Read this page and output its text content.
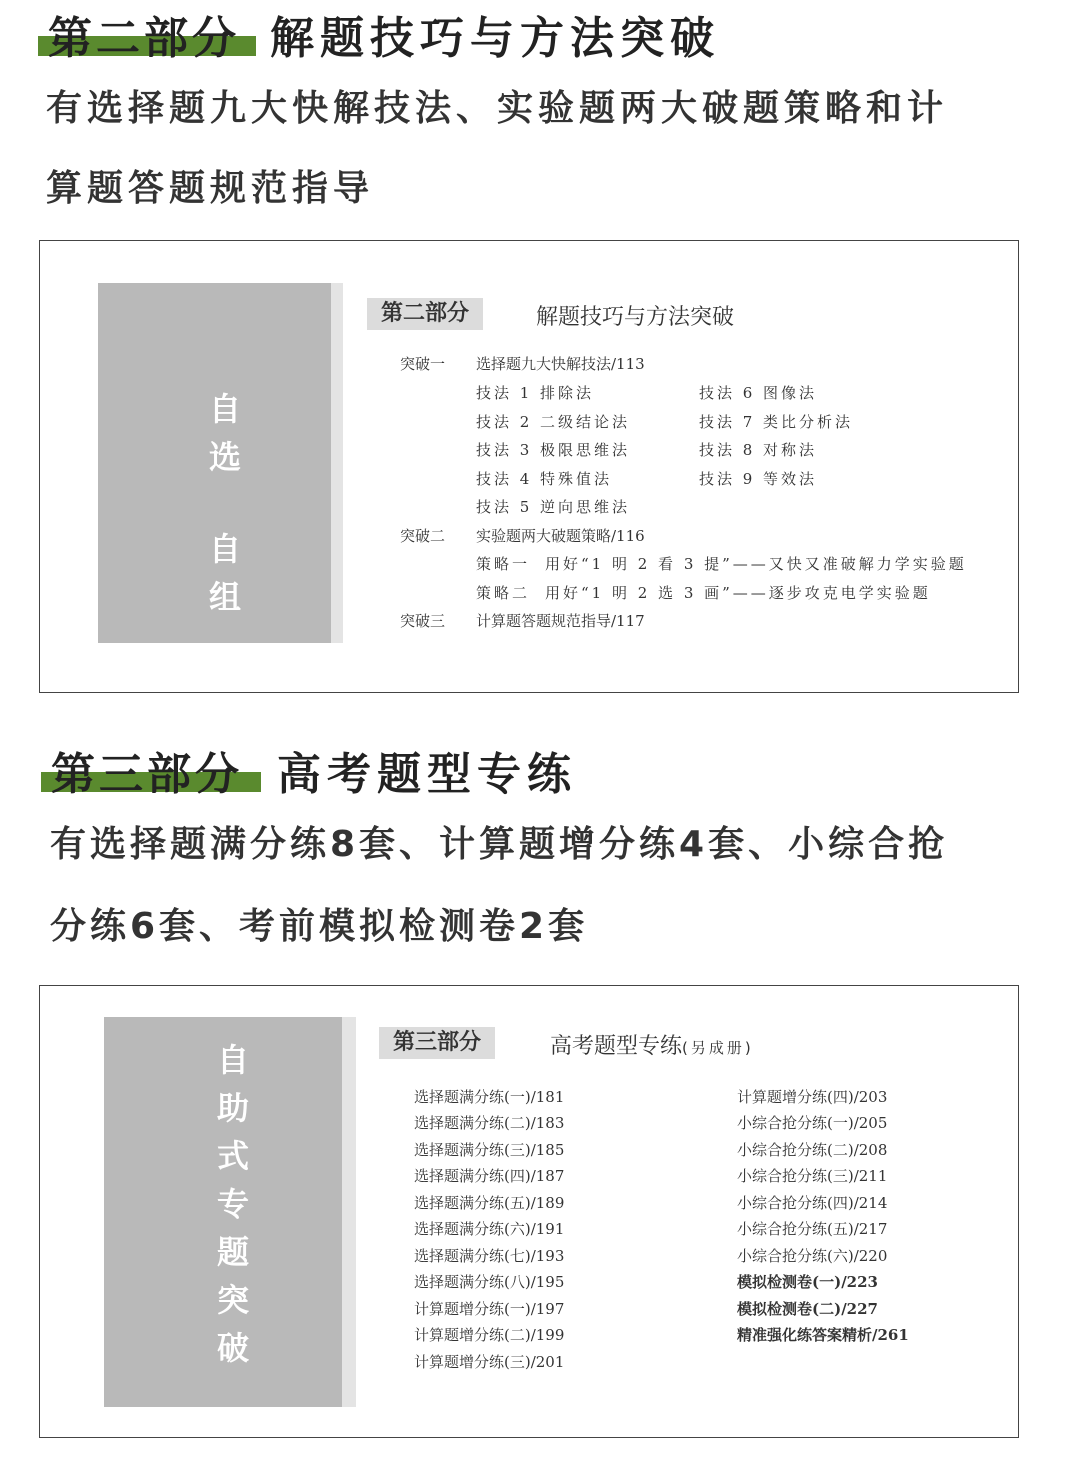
第二部分 解题技巧与方法突破
有选择题九大快解技法、实验题两大破题策略和计
算题答题规范指导
自选
自组
第二部分	解题技巧与方法突破
突破一 选择题九大快解技法/113
技法 1 排除法
技法 2 二级结论法
技法 3 极限思维法
技法 4 特殊值法
技法 5 逆向思维法
技法 6 图像法
技法 7 类比分析法
技法 8 对称法
技法 9 等效法
突破二 实验题两大破题策略/116
策略一 用好“1 明 2 看 3 提”——又快又准破解力学实验题
策略二 用好“1 明 2 选 3 画”——逐步攻克电学实验题
突破三 计算题答题规范指导/117
第三部分 高考题型专练
有选择题满分练8套、计算题增分练4套、小综合抢
分练6套、考前模拟检测卷2套
自
助
式
专
题
突
破
第三部分	高考题型专练(另成册)
选择题满分练(一)/181
选择题满分练(二)/183
选择题满分练(三)/185
选择题满分练(四)/187
选择题满分练(五)/189
选择题满分练(六)/191
选择题满分练(七)/193
选择题满分练(八)/195
计算题增分练(一)/197
计算题增分练(二)/199
计算题增分练(三)/201
计算题增分练(四)/203
小综合抢分练(一)/205
小综合抢分练(二)/208
小综合抢分练(三)/211
小综合抢分练(四)/214
小综合抢分练(五)/217
小综合抢分练(六)/220
模拟检测卷(一)/223
模拟检测卷(二)/227
精准强化练答案精析/261
